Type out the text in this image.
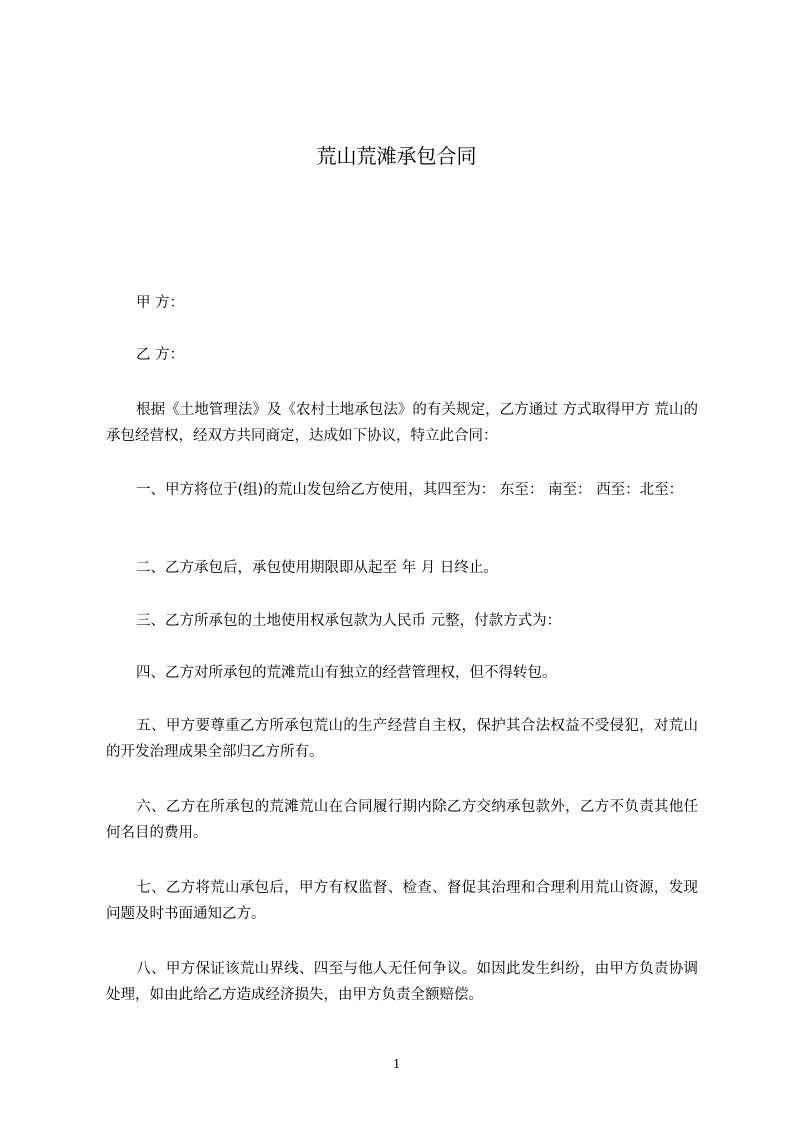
荒山荒滩承包合同

甲 方：

乙 方：

根据《土地管理法》及《农村土地承包法》的有关规定，乙方通过 方式取得甲方 荒山的承包经营权，经双方共同商定，达成如下协议，特立此合同：

一、甲方将位于(组)的荒山发包给乙方使用，其四至为： 东至： 南至： 西至：北至：

二、乙方承包后，承包使用期限即从起至 年 月 日终止。

三、乙方所承包的土地使用权承包款为人民币 元整，付款方式为：

四、乙方对所承包的荒滩荒山有独立的经营管理权，但不得转包。

五、甲方要尊重乙方所承包荒山的生产经营自主权，保护其合法权益不受侵犯，对荒山的开发治理成果全部归乙方所有。

六、乙方在所承包的荒滩荒山在合同履行期内除乙方交纳承包款外，乙方不负责其他任何名目的费用。

七、乙方将荒山承包后，甲方有权监督、检查、督促其治理和合理利用荒山资源，发现问题及时书面通知乙方。

八、甲方保证该荒山界线、四至与他人无任何争议。如因此发生纠纷，由甲方负责协调处理，如由此给乙方造成经济损失，由甲方负责全额赔偿。

1
